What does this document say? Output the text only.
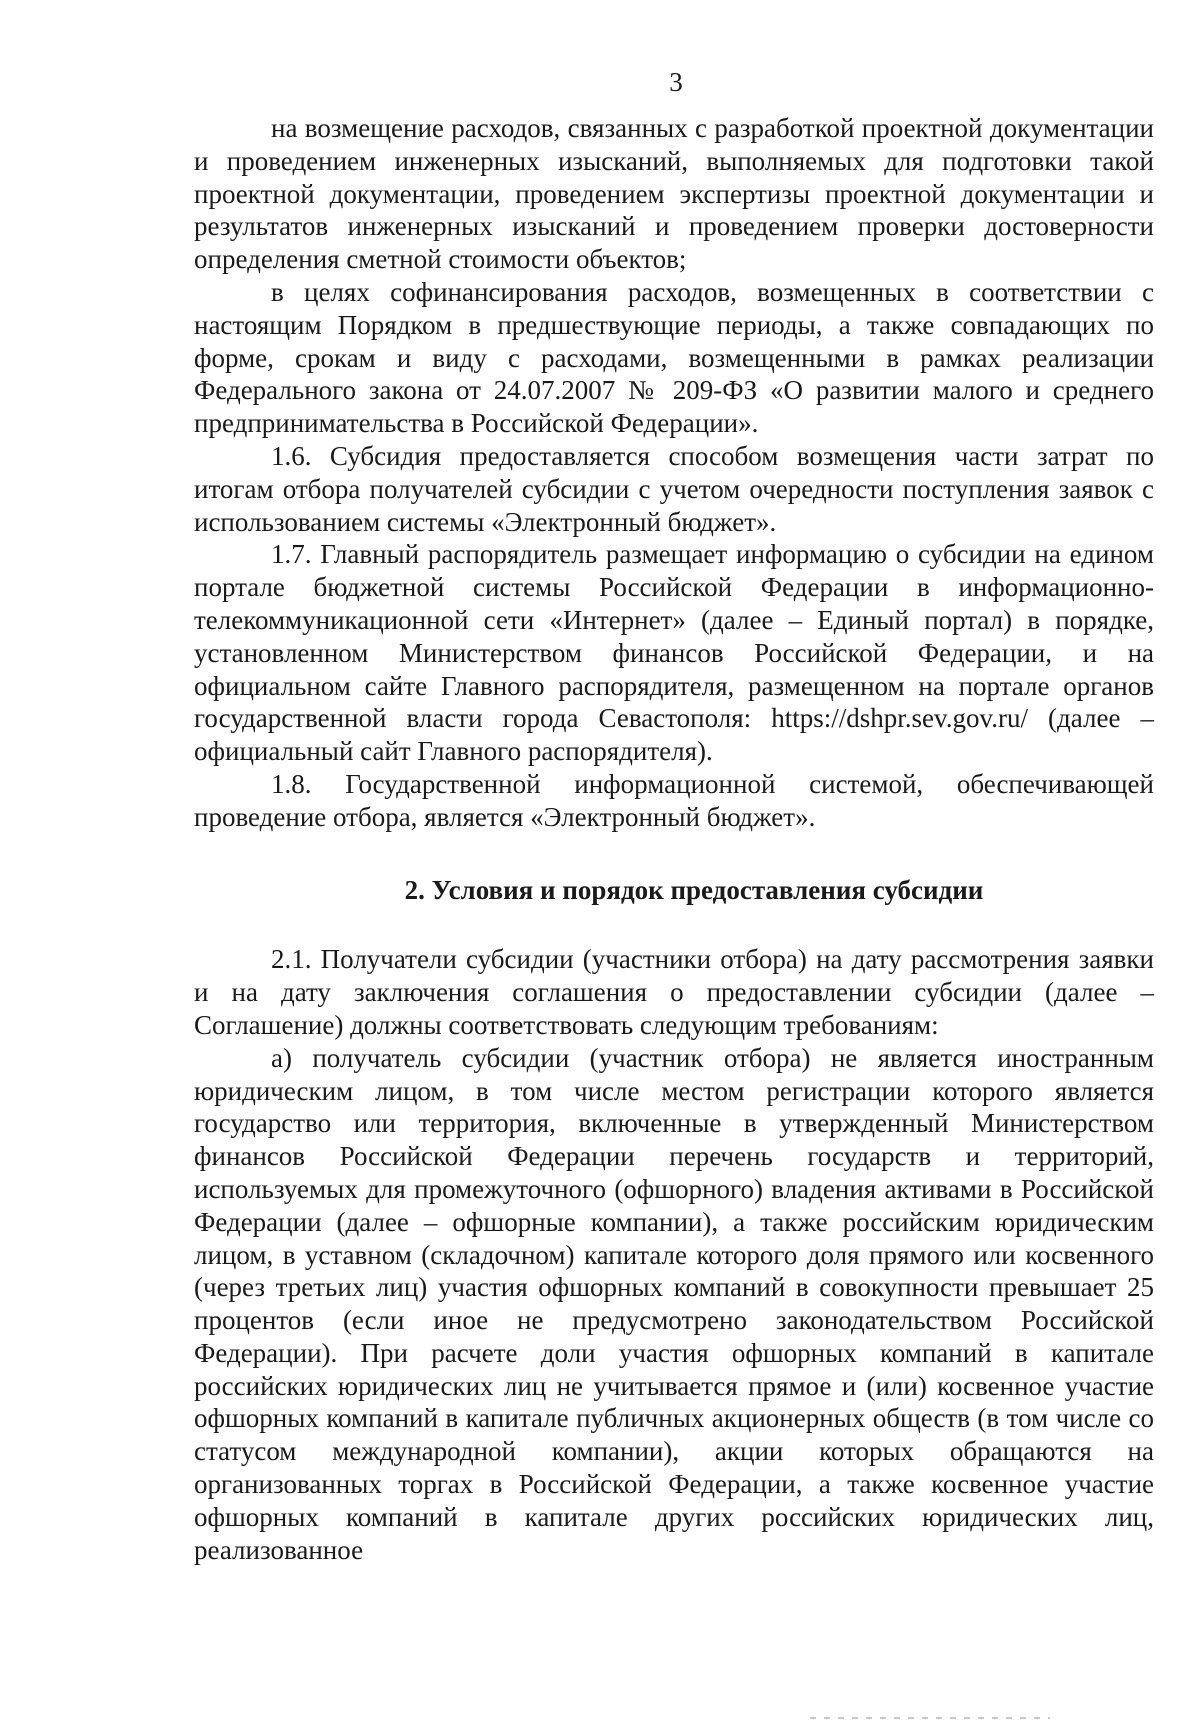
3

на возмещение расходов, связанных с разработкой проектной документации и проведением инженерных изысканий, выполняемых для подготовки такой проектной документации, проведением экспертизы проектной документации и результатов инженерных изысканий и проведением проверки достоверности определения сметной стоимости объектов;

в целях софинансирования расходов, возмещенных в соответствии с настоящим Порядком в предшествующие периоды, а также совпадающих по форме, срокам и виду с расходами, возмещенными в рамках реализации Федерального закона от 24.07.2007 № 209-ФЗ «О развитии малого и среднего предпринимательства в Российской Федерации».

1.6. Субсидия предоставляется способом возмещения части затрат по итогам отбора получателей субсидии с учетом очередности поступления заявок с использованием системы «Электронный бюджет».

1.7. Главный распорядитель размещает информацию о субсидии на едином портале бюджетной системы Российской Федерации в информационно-телекоммуникационной сети «Интернет» (далее – Единый портал) в порядке, установленном Министерством финансов Российской Федерации, и на официальном сайте Главного распорядителя, размещенном на портале органов государственной власти города Севастополя: https://dshpr.sev.gov.ru/ (далее – официальный сайт Главного распорядителя).

1.8. Государственной информационной системой, обеспечивающей проведение отбора, является «Электронный бюджет».

2. Условия и порядок предоставления субсидии

2.1. Получатели субсидии (участники отбора) на дату рассмотрения заявки и на дату заключения соглашения о предоставлении субсидии (далее – Соглашение) должны соответствовать следующим требованиям:

а) получатель субсидии (участник отбора) не является иностранным юридическим лицом, в том числе местом регистрации которого является государство или территория, включенные в утвержденный Министерством финансов Российской Федерации перечень государств и территорий, используемых для промежуточного (офшорного) владения активами в Российской Федерации (далее – офшорные компании), а также российским юридическим лицом, в уставном (складочном) капитале которого доля прямого или косвенного (через третьих лиц) участия офшорных компаний в совокупности превышает 25 процентов (если иное не предусмотрено законодательством Российской Федерации). При расчете доли участия офшорных компаний в капитале российских юридических лиц не учитывается прямое и (или) косвенное участие офшорных компаний в капитале публичных акционерных обществ (в том числе со статусом международной компании), акции которых обращаются на организованных торгах в Российской Федерации, а также косвенное участие офшорных компаний в капитале других российских юридических лиц, реализованное
